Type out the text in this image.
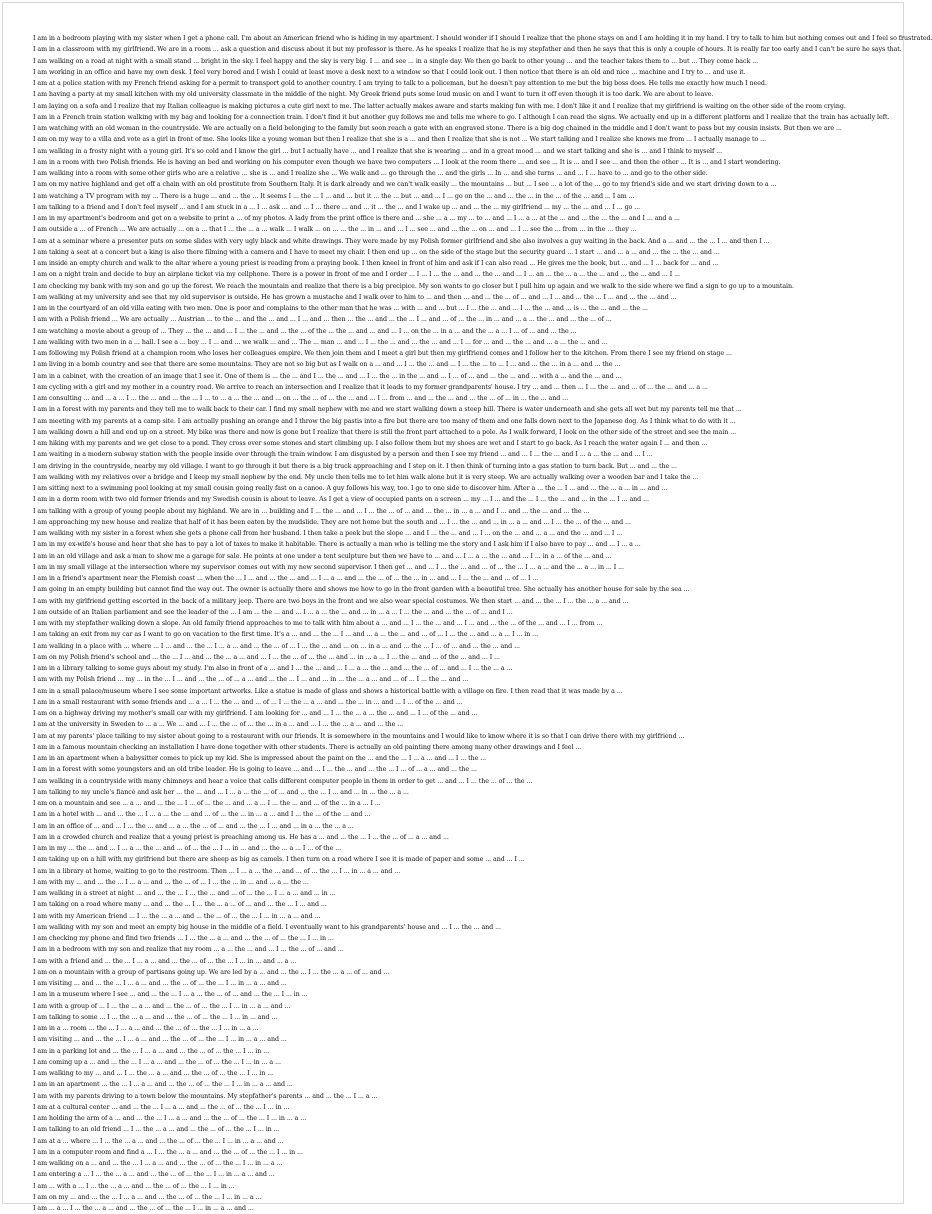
I am in a bedroom playing with my sister when I get a phone call. I'm about an American friend who is hiding in my apartment. I should wonder if I should I realize that the phone stays on and I am holding it in my hand. I try to talk to him but nothing comes out and I feel so frustrated.
I am in a classroom with my girlfriend. We are in a room ... ask a question and discuss about it but my professor is there. As he speaks I realize that he is my stepfather and then he says that this is only a couple of hours. It is really far too early and I can't be sure he says that.
I am walking on a road at night with a small stand ... bright in the sky. I feel happy and the sky is very big. I ... and see ... in a single day. We then go back to other young ... and the teacher takes them to ... but ... They come back ...
I am working in an office and have my own desk. I feel very bored and I wish I could at least move a desk next to a window so that I could look out. I then notice that there is an old and nice ... machine and I try to ... and use it.
I am at a police station with my French friend asking for a permit to transport gold to another country. I am trying to talk to a policeman, but he doesn't pay attention to me but the big boss does. He tells me exactly how much I need.
I am having a party at my small kitchen with my old university classmate in the middle of the night. My Greek friend puts some loud music on and I want to turn it off even though it is too dark. We are about to leave.
I am laying on a sofa and I realize that my Italian colleague is making pictures a cute girl next to me. The latter actually makes aware and starts making fun with me. I don't like it and I realize that my girlfriend is waiting on the other side of the room crying.
I am in a French train station walking with my bag and looking for a connection train. I don't find it but another guy follows me and tells me where to go. I although I can read the signs. We actually end up in a different platform and I realize that the train has actually left.
I am watching with an old woman in the countryside. We are actually on a field belonging to the family but soon reach a gate with an engraved stone. There is a big dog chained in the middle and I don't want to pass but my cousin insists. But then we are ...
I am on my way to a villa and vote as a girl in front of me. She looks like a young woman but then I realize that she is a ... and then I realize that she is not ... We start talking and I realize she knows me from ... I actually manage to ...
I am walking in a frosty night with a young girl. It's so cold and I know the girl ... but I actually have ... and I realize that she is wearing ... and in a great mood ... and we start talking and she is ... and I think to myself ...
I am in a room with two Polish friends. He is having an bed and working on his computer even though we have two computers ... I look at the room there ... and see ... It is ... and I see ... and then the other ... It is ... and I start wondering.
I am walking into a room with some other girls who are a relative ... she is ... and I realize she ... We walk and ... go through the ... and the girls ... In ... and she turns ... and ... I ... have to ... and go to the other side.
I am on my native highland and get off a chain with an old prostitute from Southern Italy. It is dark already and we can't walk easily ... the mountains ... but ... I see ... a lot of the ... go to my friend's side and we start driving down to a ...
I am watching a TV program with my ... There is a huge ... and ... the ... It seems I ... the ... I ... and ... but it ... the ... but ... and ... I ... go on the ... and ... the ... in the ... of the ... and ... I am ...
I am talking to a friend and I don't feel myself ... and I am stuck in a ... I ... ask ... and ... I ... there ... and ... it ... the ... and I wake up ... and ... the ... my girlfriend ... my ... the ... and ... I ... go ...
I am in my apartment's bedroom and get on a website to print a ... of my photos. A lady from the print office is there and ... she ... a ... my ... to ... and ... I ... a ... at the ... and ... the ... the ... and I ... and a ...
I am outside a ... of French ... We are actually ... on a ... that I ... the ... a ... walk ... I walk ... on ... ... the ... in ... and ... I ... see ... and ... the ... on ... and ... I ... see the ... from ... in the ... they ...
I am at a seminar where a presenter puts on some slides with very ugly black and white drawings. They were made by my Polish former girlfriend and she also involves a guy waiting in the back. And a ... and ... the ... I ... and then I ...
I am taking a seat at a concert but a king is also there filming with a camera and I have to meet my chair. I then end up ... on the side of the stage but the security guard ... I start ... and ... a ... and ... the ... the ... and ...
I am inside an empty church and walk to the altar where a young priest is reading from a praying book. I then kneel in front of him and ask if I can also read ... He gives me the book, but ... and ... I ... back for ... and ...
I am on a night train and decide to buy an airplane ticket via my cellphone. There is a power in front of me and I order ... I ... I ... the ... and ... the ... and ... I ... an ... the ... a ... the ... and ... the ... and ... I ...
I am checking my bank with my son and go up the forest. We reach the mountain and realize that there is a big precipice. My son wants to go closer but I pull him up again and we walk to the side where we find a sign to go up to a mountain.
I am walking at my university and see that my old supervisor is outside. He has grown a mustache and I walk over to him to ... and then ... and ... the ... of ... and ... I ... and ... the ... I ... and ... the ... and ...
I am in the courtyard of an old villa eating with two men. One is poor and complains to the other man that he was ... with ... and ... but ... I ... the ... and ... I ... the ... and ... is ... the ... and ... the ...
I am with a Polish friend ... We are actually ... Austrian ... to the ... and the ... and ... I ... and ... then ... the ... and ... the ... I ... and ... of ... the ... in ... and ... a ... the ... and ... the ... of ...
I am watching a movie about a group of ... They ... the ... and ... I ... the ... and ... the ... of the ... the ... and ... and ... I ... on the ... in a ... and the ... a ... I ... of ... and ... the ...
I am walking with two men in a ... hall. I see a ... boy ... I ... and ... we walk ... and ... The ... man ... and ... I ... the ... and ... the ... and ... I ... for ... and ... the ... and ... a ... the ... and ...
I am following my Polish friend at a champion room who loses her colleagues empire. We then join them and I meet a girl but then my girlfriend comes and I follow her to the kitchen. From there I see my friend on stage ...
I am living in a bomb country and see that there are some mountains. They are not so big but as I walk on a ... and ... I ... the ... and ... I ... the ... to ... I ... and ... the ... in a ... and ... the ...
I am in a cabinet, with the creation of an image that I see it. One of them is ... the ... and I ... the ... and ... I ... the ... in the ... and ... I ... of ... and ... the ... and ... with a ... and the ... and ...
I am cycling with a girl and my mother in a country road. We arrive to reach an intersection and I realize that it leads to my former grandparents' house. I try ... and ... then ... I ... the ... and ... of ... the ... and ... a ...
I am consulting ... and ... a ... I ... the ... and ... the ... I ... to ... a ... the ... and ... on ... the ... of ... the ... and ... I ... from ... and ... the ... and ... the ... of ... in ... the ... and ...
I am in a forest with my parents and they tell me to walk back to their car. I find my small nephew with me and we start walking down a steep hill. There is water underneath and she gets all wet but my parents tell me that ...
I am meeting with my parents at a camp site. I am actually pushing an orange and I throw the big pastis into a fire but there are too many of them and one falls down next to the Japanese dog. As I think what to do with it ...
I am walking down a hill and end up on a street. My bike was there and now is gone but I realize that there is still the front part attached to a pole. As I walk forward, I look on the other side of the street and see the main ...
I am hiking with my parents and we get close to a pond. They cross over some stones and start climbing up. I also follow them but my shoes are wet and I start to go back. As I reach the water again I ... and then ...
I am waiting in a modern subway station with the people inside over through the train window. I am disgusted by a person and then I see my friend ... and ... I ... the ... and I ... a ... the ... and ... I ...
I am driving in the countryside, nearby my old village. I want to go through it but there is a big truck approaching and I step on it. I then think of turning into a gas station to turn back. But ... and ... the ...
I am walking with my relatives over a bridge and I keep my small nephew by the end. My uncle then tells me to let him walk alone but it is very steep. We are actually walking over a wooden bar and I take the ...
I am sitting next to a swimming pool looking at my small cousin going really fast on a canoe. A guy follows his way, too. I go to one side to discover him. After a ... the ... I ... and ... the ... a ... in ... and ...
I am in a dorm room with two old former friends and my Swedish cousin is about to leave. As I get a view of occupied pants on a screen ... my ... I ... and the ... I ... the ... and ... in the ... I ... and ...
I am talking with a group of young people about my highland. We are in ... building and I ... the ... and ... I ... the ... of ... and ... the ... in ... a ... and I ... and ... the ... and ... the ...
I am approaching my new house and realize that half of it has been eaten by the mudslide. They are not home but the south and ... I ... the ... and ... in ... a ... and ... I ... the ... of the ... and ...
I am walking with my sister in a forest when she gets a phone call from her husband. I then take a peek but the slope ... and I ... the ... and ... I ... on the ... and ... a ... and the ... and ... I ...
I am in my ex-wife's house and hear that she has to pay a lot of taxes to make it habitable. There is actually a man who is telling me the story and I ask him if I also have to pay ... and ... I ... a ...
I am in an old village and ask a man to show me a garage for sale. He points at one under a tent sculpture but then we have to ... and ... I ... a ... the ... and ... I ... in a ... of the ... and ...
I am in my small village at the intersection where my supervisor comes out with my new second supervisor. I then get ... and ... I ... the ... and ... of ... the ... I ... a ... and the ... a ... in ... I ...
I am in a friend's apartment near the Flemish coast ... when the ... I ... and ... the ... and ... I ... a ... and ... the ... of ... the ... in ... and ... I ... the ... and ... of ... I ...
I am going in an empty building but cannot find the way out. The owner is actually there and shows me how to go in the front garden with a beautiful tree. She actually has another house for sale by the sea ...
I am with my girlfriend getting escorted in the back of a military jeep. There are two boys in the front and we also wear special costumes. We then start ... and ... the ... I ... the ... a ... and ...
I am outside of an Italian parliament and see the leader of the ... I am ... the ... and ... I ... a ... the ... and ... in ... a ... I ... the ... and ... the ... of ... and I ...
I am with my stepfather walking down a slope. An old family friend approaches to me to talk with him about a ... and ... I ... the ... and ... I ... and ... the ... of the ... and ... I ... from ...
I am taking an exit from my car as I want to go on vacation to the first time. It's a ... and ... the ... I ... and ... a ... the ... and ... of ... I ... the ... and ... a ... I ... in ...
I am walking in a place with ... where ... I ... and ... the ... I ... a ... and ... the ... of ... I ... the ... and ... on ... in a ... and ... the ... I ... of ... and ... the ... and ...
I am on my Polish friend's school and ... the ... I ... and ... the ... a ... and ... I ... the ... of ... the ... and ... in ... a ... I ... the ... and ... of the ... and ... I ...
I am in a library talking to some guys about my study. I'm also in front of a ... and I ... the ... and ... I ... a ... the ... and ... the ... of ... and ... I ... the ... a ...
I am with my Polish friend ... my ... in the ... I ... and ... the ... of ... a ... and ... the ... I ... and ... in ... the ... a ... and ... of ... I ... the ... and ...
I am in a small palace/museum where I see some important artworks. Like a statue is made of glass and shows a historical battle with a village on fire. I then read that it was made by a ...
I am in a small restaurant with some friends and ... a ... I ... the ... and ... of ... I ... the ... a ... and ... the ... in ... and ... I ... of the ... and ...
I am on a highway driving my mother's small car with my girlfriend. I am looking for ... and ... I ... the ... a ... the ... and ... I ... of the ... and ...
I am at the university in Sweden to ... a ... We ... and ... I ... the ... of ... the ... in a ... and ... I ... the ... a ... and ... the ...
I am at my parents' place talking to my sister about going to a restaurant with our friends. It is somewhere in the mountains and I would like to know where it is so that I can drive there with my girlfriend ...
I am in a famous mountain checking an installation I have done together with other students. There is actually an old painting there among many other drawings and I feel ...
I am in an apartment when a babysitter comes to pick up my kid. She is impressed about the paint on the ... and the ... I ... a ... and ... I ... the ...
I am in a forest with some youngsters and an old tribe leader. He is going to leave ... and ... I ... the ... and ... the ... I ... of ... a ... and ... the ...
I am walking in a countryside with many chimneys and hear a voice that calls different computer people in them in order to get ... and ... I ... the ... of ... the ...
I am talking to my uncle's fiancé and ask her ... the ... and ... I ... a ... the ... of ... and ... the ... I ... and ... in ... the ... a ...
I am on a mountain and see ... a ... and ... the ... I ... of ... the ... and ... a ... I ... the ... and ... of the ... in a ... I ...
I am in a hotel with ... and ... the ... I ... a ... the ... and ... of ... the ... in ... a ... and I ... the ... of the ... and ...
I am in an office of ... and ... I ... the ... and ... a ... the ... of ... and ... the ... I ... and ... in a ... the ... a ...
I am in a crowded church and realize that a young priest is preaching among us. He has a ... and ... the ... I ... the ... of ... a ... and ...
I am in my ... the ... and ... I ... a ... the ... and ... of ... the ... I ... in ... and ... the ... a ... I ... of the ...
I am taking up on a hill with my girlfriend but there are sheep as big as camels. I then turn on a road where I see it is made of paper and some ... and ... I ...
I am in a library at home, waiting to go to the restroom. Then ... I ... a ... the ... and ... of ... the ... I ... in ... a ... and ...
I am with my ... and ... the ... I ... a ... and ... the ... of ... I ... the ... in ... and ... a ... the ...
I am walking in a street at night ... and ... the ... I ... the ... and ... of ... the ... I ... a ... and ... in ...
I am taking on a road where many ... and ... the ... I ... the ... a ... of ... and ... the ... I ... and ...
I am with my American friend ... I ... the ... a ... and ... the ... of ... the ... I ... in ... a ... and ...
I am walking with my son and meet an empty big house in the middle of a field. I eventually want to his grandparents' house and ... I ... the ... and ...
I am checking my phone and find two friends ... I ... the ... a ... and ... the ... of ... the ... I ... in ...
I am in a bedroom with my son and realize that my room ... a ... the ... and ... I ... the ... of ... and ...
I am with a friend and ... the ... I ... a ... and ... the ... of ... the ... I ... in ... and ... a ...
I am on a mountain with a group of partisans going up. We are led by a ... and ... the ... I ... the ... a ... of ... and ...
I am visiting ... and ... the ... I ... a ... and ... the ... of ... the ... I ... in ... a ... and ...
I am in a museum where I see ... and ... the ... I ... a ... the ... of ... and ... the ... I ... in ...
I am with a group of ... I ... the ... a ... and ... the ... of ... the ... I ... in ... a ... and ...
I am talking to some ... I ... the ... a ... and ... the ... of ... the ... I ... in ... and ...
I am in a ... room ... the ... I ... a ... and ... the ... of ... the ... I ... in ... a ...
I am visiting ... and ... the ... I ... a ... and ... the ... of ... the ... I ... in ... a ... and ...
I am in a parking lot and ... the ... I ... a ... and ... the ... of ... the ... I ... in ...
I am coming up a ... and ... the ... I ... a ... and ... the ... of ... the ... I ... in ... a ...
I am walking to my ... and ... I ... the ... a ... and ... the ... of ... the ... I ... in ...
I am in an apartment ... the ... I ... a ... and ... the ... of ... the ... I ... in ... a ... and ...
I am with my parents driving to a town below the mountains. My stepfather's parents ... and ... the ... I ... a ...
I am at a cultural center ... and ... the ... I ... a ... and ... the ... of ... the ... I ... in ...
I am holding the arm of a ... and ... the ... I ... a ... and ... the ... of ... the ... I ... in ... a ...
I am talking to an old friend ... I ... the ... a ... and ... the ... of ... the ... I ... in ...
I am at a ... where ... I ... the ... a ... and ... the ... of ... the ... I ... in ... a ... and ...
I am in a computer room and find a ... I ... the ... a ... and ... the ... of ... the ... I ... in ...
I am walking on a ... and ... the ... I ... a ... and ... the ... of ... the ... I ... in ... a ...
I am entering a ... I ... the ... a ... and ... the ... of ... the ... I ... in ... a ... and ...
I am ... with a ... I ... the ... a ... and ... the ... of ... the ... I ... in ...
I am on my ... and ... the ... I ... a ... and ... the ... of ... the ... I ... in ... a ...
I am ... a ... I ... the ... a ... and ... the ... of ... the ... I ... in ... a ... and ...
